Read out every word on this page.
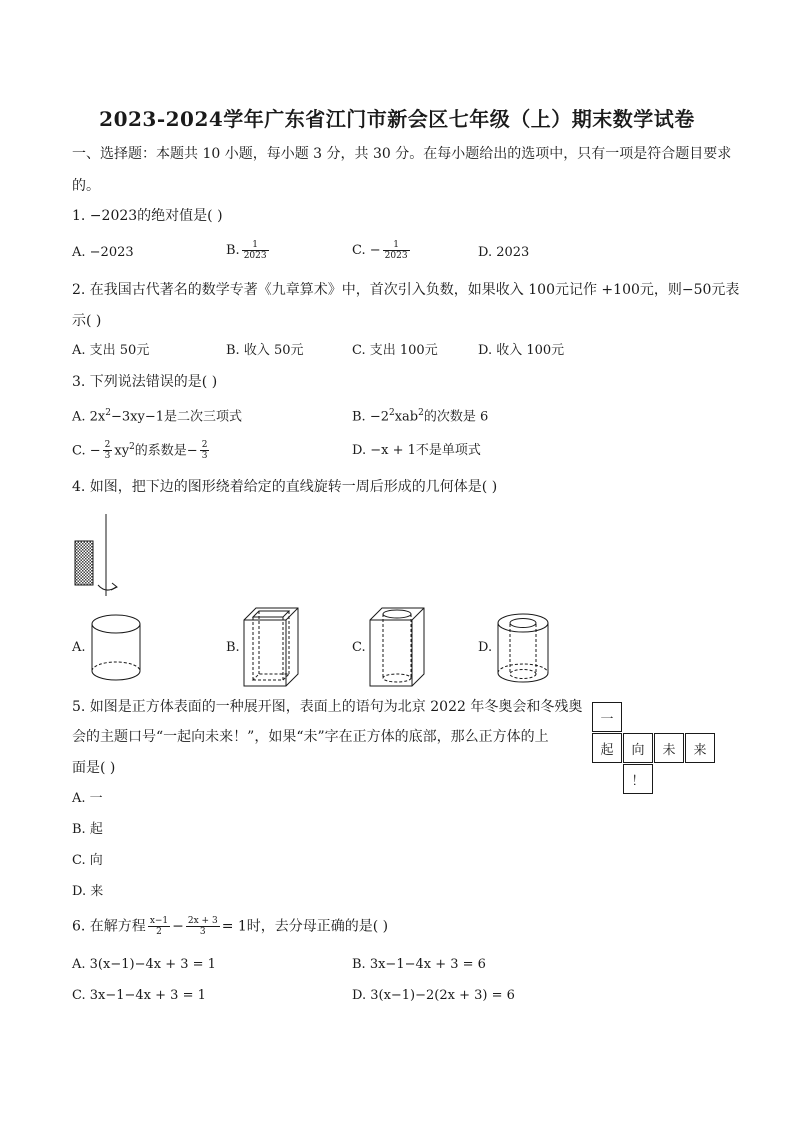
2023-2024学年广东省江门市新会区七年级（上）期末数学试卷
一、选择题：本题共 10 小题，每小题 3 分，共 30 分。在每小题给出的选项中，只有一项是符合题目要求
的。
1. −2023的绝对值是( )
A. −2023	B. $\frac{1}{2023}$	C. − $\frac{1}{2023}$	D. 2023
2. 在我国古代著名的数学专著《九章算术》中，首次引入负数，如果收入 100元记作 +100元，则−50元表
示( )
A. 支出 50元	B. 收入 50元	C. 支出 100元	D. 收入 100元
3. 下列说法错误的是( )
A. $2x^2-3xy-1$是二次三项式	B. $-2^2xab^2$的次数是 6
C. − $\frac{2}{3} xy^2$的系数是− $\frac{2}{3}$	D. −x + 1不是单项式
4. 如图，把下边的图形绕着给定的直线旋转一周后形成的几何体是( )
A.	B.	C.	D.
5. 如图是正方体表面的一种展开图，表面上的语句为北京 2022 年冬奥会和冬残奥
会的主题口号“一起向未来！”，如果“未”字在正方体的底部，那么正方体的上
面是( )
A. 一
B. 起
C. 向
D. 来
一
起	向	未	来
！
6. 在解方程 $\frac{x-1}{2} - \frac{2x + 3}{3} = 1$时，去分母正确的是( )
A. 3(x−1)−4x + 3 = 1	B. 3x−1−4x + 3 = 6
C. 3x−1−4x + 3 = 1	D. 3(x−1)−2(2x + 3) = 6
